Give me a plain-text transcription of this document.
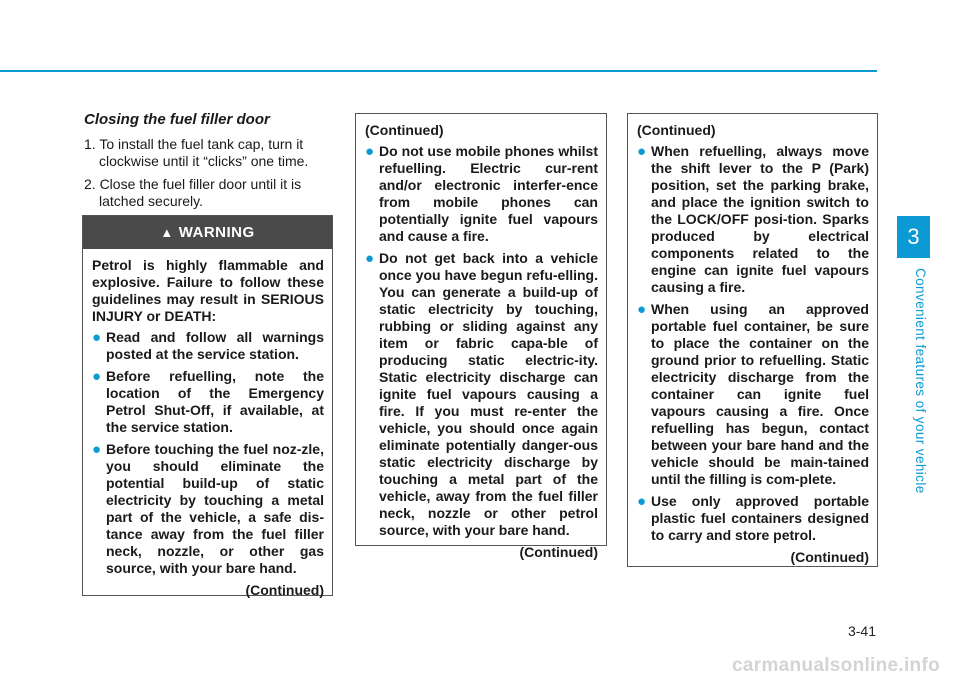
3
Convenient features of your vehicle
Closing the fuel filler door
1. To install the fuel tank cap, turn it clockwise until it “clicks” one time.
2. Close the fuel filler door until it is latched securely.
▲ WARNING

Petrol is highly flammable and explosive. Failure to follow these guidelines may result in SERIOUS INJURY or DEATH:

● Read and follow all warnings posted at the service station.
● Before refuelling, note the location of the Emergency Petrol Shut-Off, if available, at the service station.
● Before touching the fuel noz-zle, you should eliminate the potential build-up of static electricity by touching a metal part of the vehicle, a safe dis-tance away from the fuel filler neck, nozzle, or other gas source, with your bare hand.
(Continued)

(Continued)

● Do not use mobile phones whilst refuelling. Electric cur-rent and/or electronic interfer-ence from mobile phones can potentially ignite fuel vapours and cause a fire.
● Do not get back into a vehicle once you have begun refu-elling. You can generate a build-up of static electricity by touching, rubbing or sliding against any item or fabric capa-ble of producing static electric-ity. Static electricity discharge can ignite fuel vapours causing a fire. If you must re-enter the vehicle, you should once again eliminate potentially danger-ous static electricity discharge by touching a metal part of the vehicle, away from the fuel filler neck, nozzle or other petrol source, with your bare hand.
(Continued)

(Continued)

● When refuelling, always move the shift lever to the P (Park) position, set the parking brake, and place the ignition switch to the LOCK/OFF posi-tion. Sparks produced by electrical components related to the engine can ignite fuel vapours causing a fire.
● When using an approved portable fuel container, be sure to place the container on the ground prior to refuelling. Static electricity discharge from the container can ignite fuel vapours causing a fire. Once refuelling has begun, contact between your bare hand and the vehicle should be main-tained until the filling is com-plete.
● Use only approved portable plastic fuel containers designed to carry and store petrol.
(Continued)
3-41
carmanualsonline.info
